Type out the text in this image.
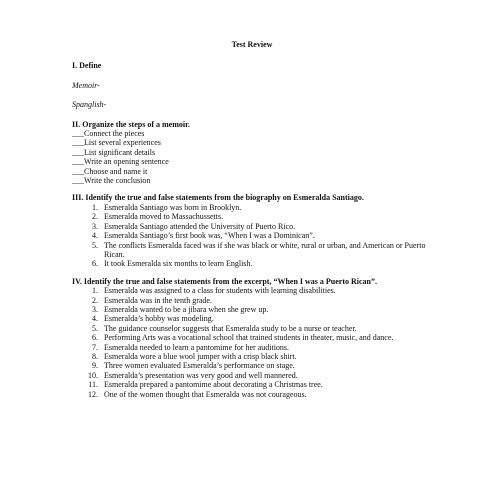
Test Review
I. Define
Memoir-
Spanglish-
II. Organize the steps of a memoir.
___Connect the pieces
___List several experiences
___List significant details
___Write an opening sentence
___Choose and name it
___Write the conclusion
III. Identify the true and false statements from the biography on Esmeralda Santiago.
1. Esmeralda Santiago was born in Brooklyn.
2. Esmeralda moved to Massachussetts.
3. Esmeralda Santiago attended the University of Puerto Rico.
4. Esmeralda Santiago’s first book was, “When I was a Dominican”.
5. The conflicts Esmeralda faced was if she was black or white, rural or urban, and American or Puerto Rican.
6. It took Esmeralda six months to learn English.
IV. Identify the true and false statements from the excerpt, “When I was a Puerto Rican”.
1. Esmeralda was assigned to a class for students with learning disabilities.
2. Esmeralda was in the tenth grade.
3. Esmeralda wanted to be a jibara when she grew up.
4. Esmeralda’s hobby was modeling.
5. The guidance counselor suggests that Esmeralda study to be a nurse or teacher.
6. Performing Arts was a vocational school that trained students in theater, music, and dance.
7. Esmeralda needed to learn a pantomime for her auditions.
8. Esmeralda wore a blue wool jumper with a crisp black shirt.
9. Three women evaluated Esmeralda’s performance on stage.
10. Esmeralda’s presentation was very good and well mannered.
11. Esmeralda prepared a pantomime about decorating a Christmas tree.
12. One of the women thought that Esmeralda was not courageous.
